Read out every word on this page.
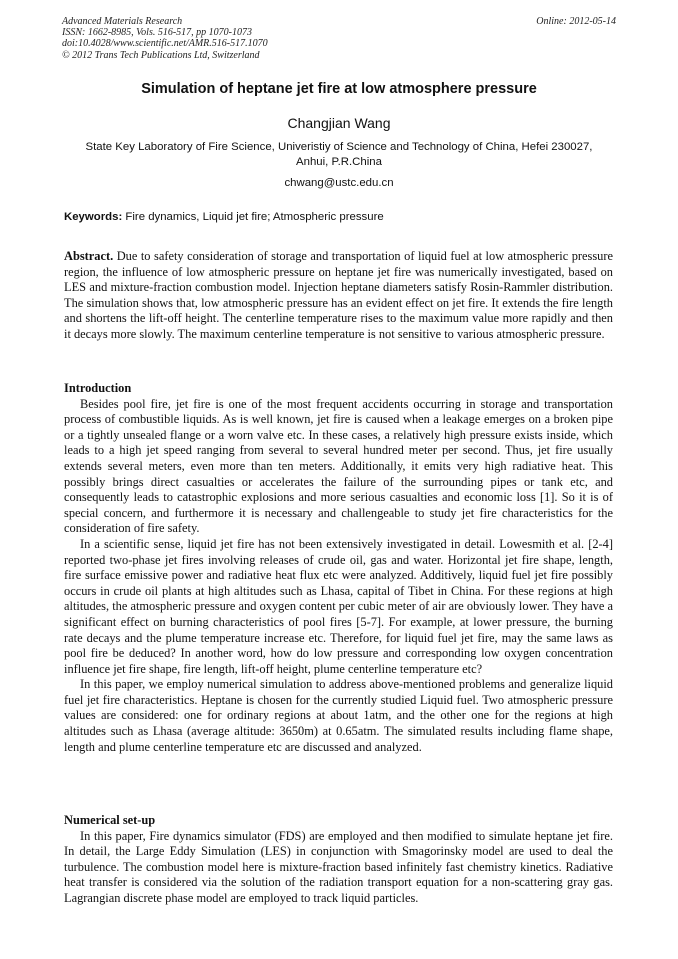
Advanced Materials Research
ISSN: 1662-8985, Vols. 516-517, pp 1070-1073
doi:10.4028/www.scientific.net/AMR.516-517.1070
© 2012 Trans Tech Publications Ltd, Switzerland
Online: 2012-05-14
Simulation of heptane jet fire at low atmosphere pressure
Changjian Wang
State Key Laboratory of Fire Science, Univeristiy of Science and Technology of China, Hefei 230027, Anhui, P.R.China
chwang@ustc.edu.cn
Keywords: Fire dynamics, Liquid jet fire; Atmospheric pressure

Abstract. Due to safety consideration of storage and transportation of liquid fuel at low atmospheric pressure region, the influence of low atmospheric pressure on heptane jet fire was numerically investigated, based on LES and mixture-fraction combustion model. Injection heptane diameters satisfy Rosin-Rammler distribution. The simulation shows that, low atmospheric pressure has an evident effect on jet fire. It extends the fire length and shortens the lift-off height. The centerline temperature rises to the maximum value more rapidly and then it decays more slowly. The maximum centerline temperature is not sensitive to various atmospheric pressure.

Introduction

Besides pool fire, jet fire is one of the most frequent accidents occurring in storage and transportation process of combustible liquids. As is well known, jet fire is caused when a leakage emerges on a broken pipe or a tightly unsealed flange or a worn valve etc. In these cases, a relatively high pressure exists inside, which leads to a high jet speed ranging from several to several hundred meter per second. Thus, jet fire usually extends several meters, even more than ten meters. Additionally, it emits very high radiative heat. This possibly brings direct casualties or accelerates the failure of the surrounding pipes or tank etc, and consequently leads to catastrophic explosions and more serious casualties and economic loss [1]. So it is of special concern, and furthermore it is necessary and challengeable to study jet fire characteristics for the consideration of fire safety.

In a scientific sense, liquid jet fire has not been extensively investigated in detail. Lowesmith et al. [2-4] reported two-phase jet fires involving releases of crude oil, gas and water. Horizontal jet fire shape, length, fire surface emissive power and radiative heat flux etc were analyzed. Additively, liquid fuel jet fire possibly occurs in crude oil plants at high altitudes such as Lhasa, capital of Tibet in China. For these regions at high altitudes, the atmospheric pressure and oxygen content per cubic meter of air are obviously lower. They have a significant effect on burning characteristics of pool fires [5-7]. For example, at lower pressure, the burning rate decays and the plume temperature increase etc. Therefore, for liquid fuel jet fire, may the same laws as pool fire be deduced? In another word, how do low pressure and corresponding low oxygen concentration influence jet fire shape, fire length, lift-off height, plume centerline temperature etc?

In this paper, we employ numerical simulation to address above-mentioned problems and generalize liquid fuel jet fire characteristics. Heptane is chosen for the currently studied Liquid fuel. Two atmospheric pressure values are considered: one for ordinary regions at about 1atm, and the other one for the regions at high altitudes such as Lhasa (average altitude: 3650m) at 0.65atm. The simulated results including flame shape, length and plume centerline temperature etc are discussed and analyzed.

Numerical set-up

In this paper, Fire dynamics simulator (FDS) are employed and then modified to simulate heptane jet fire. In detail, the Large Eddy Simulation (LES) in conjunction with Smagorinsky model are used to deal the turbulence. The combustion model here is mixture-fraction based infinitely fast chemistry kinetics. Radiative heat transfer is considered via the solution of the radiation transport equation for a non-scattering gray gas. Lagrangian discrete phase model are employed to track liquid particles.
